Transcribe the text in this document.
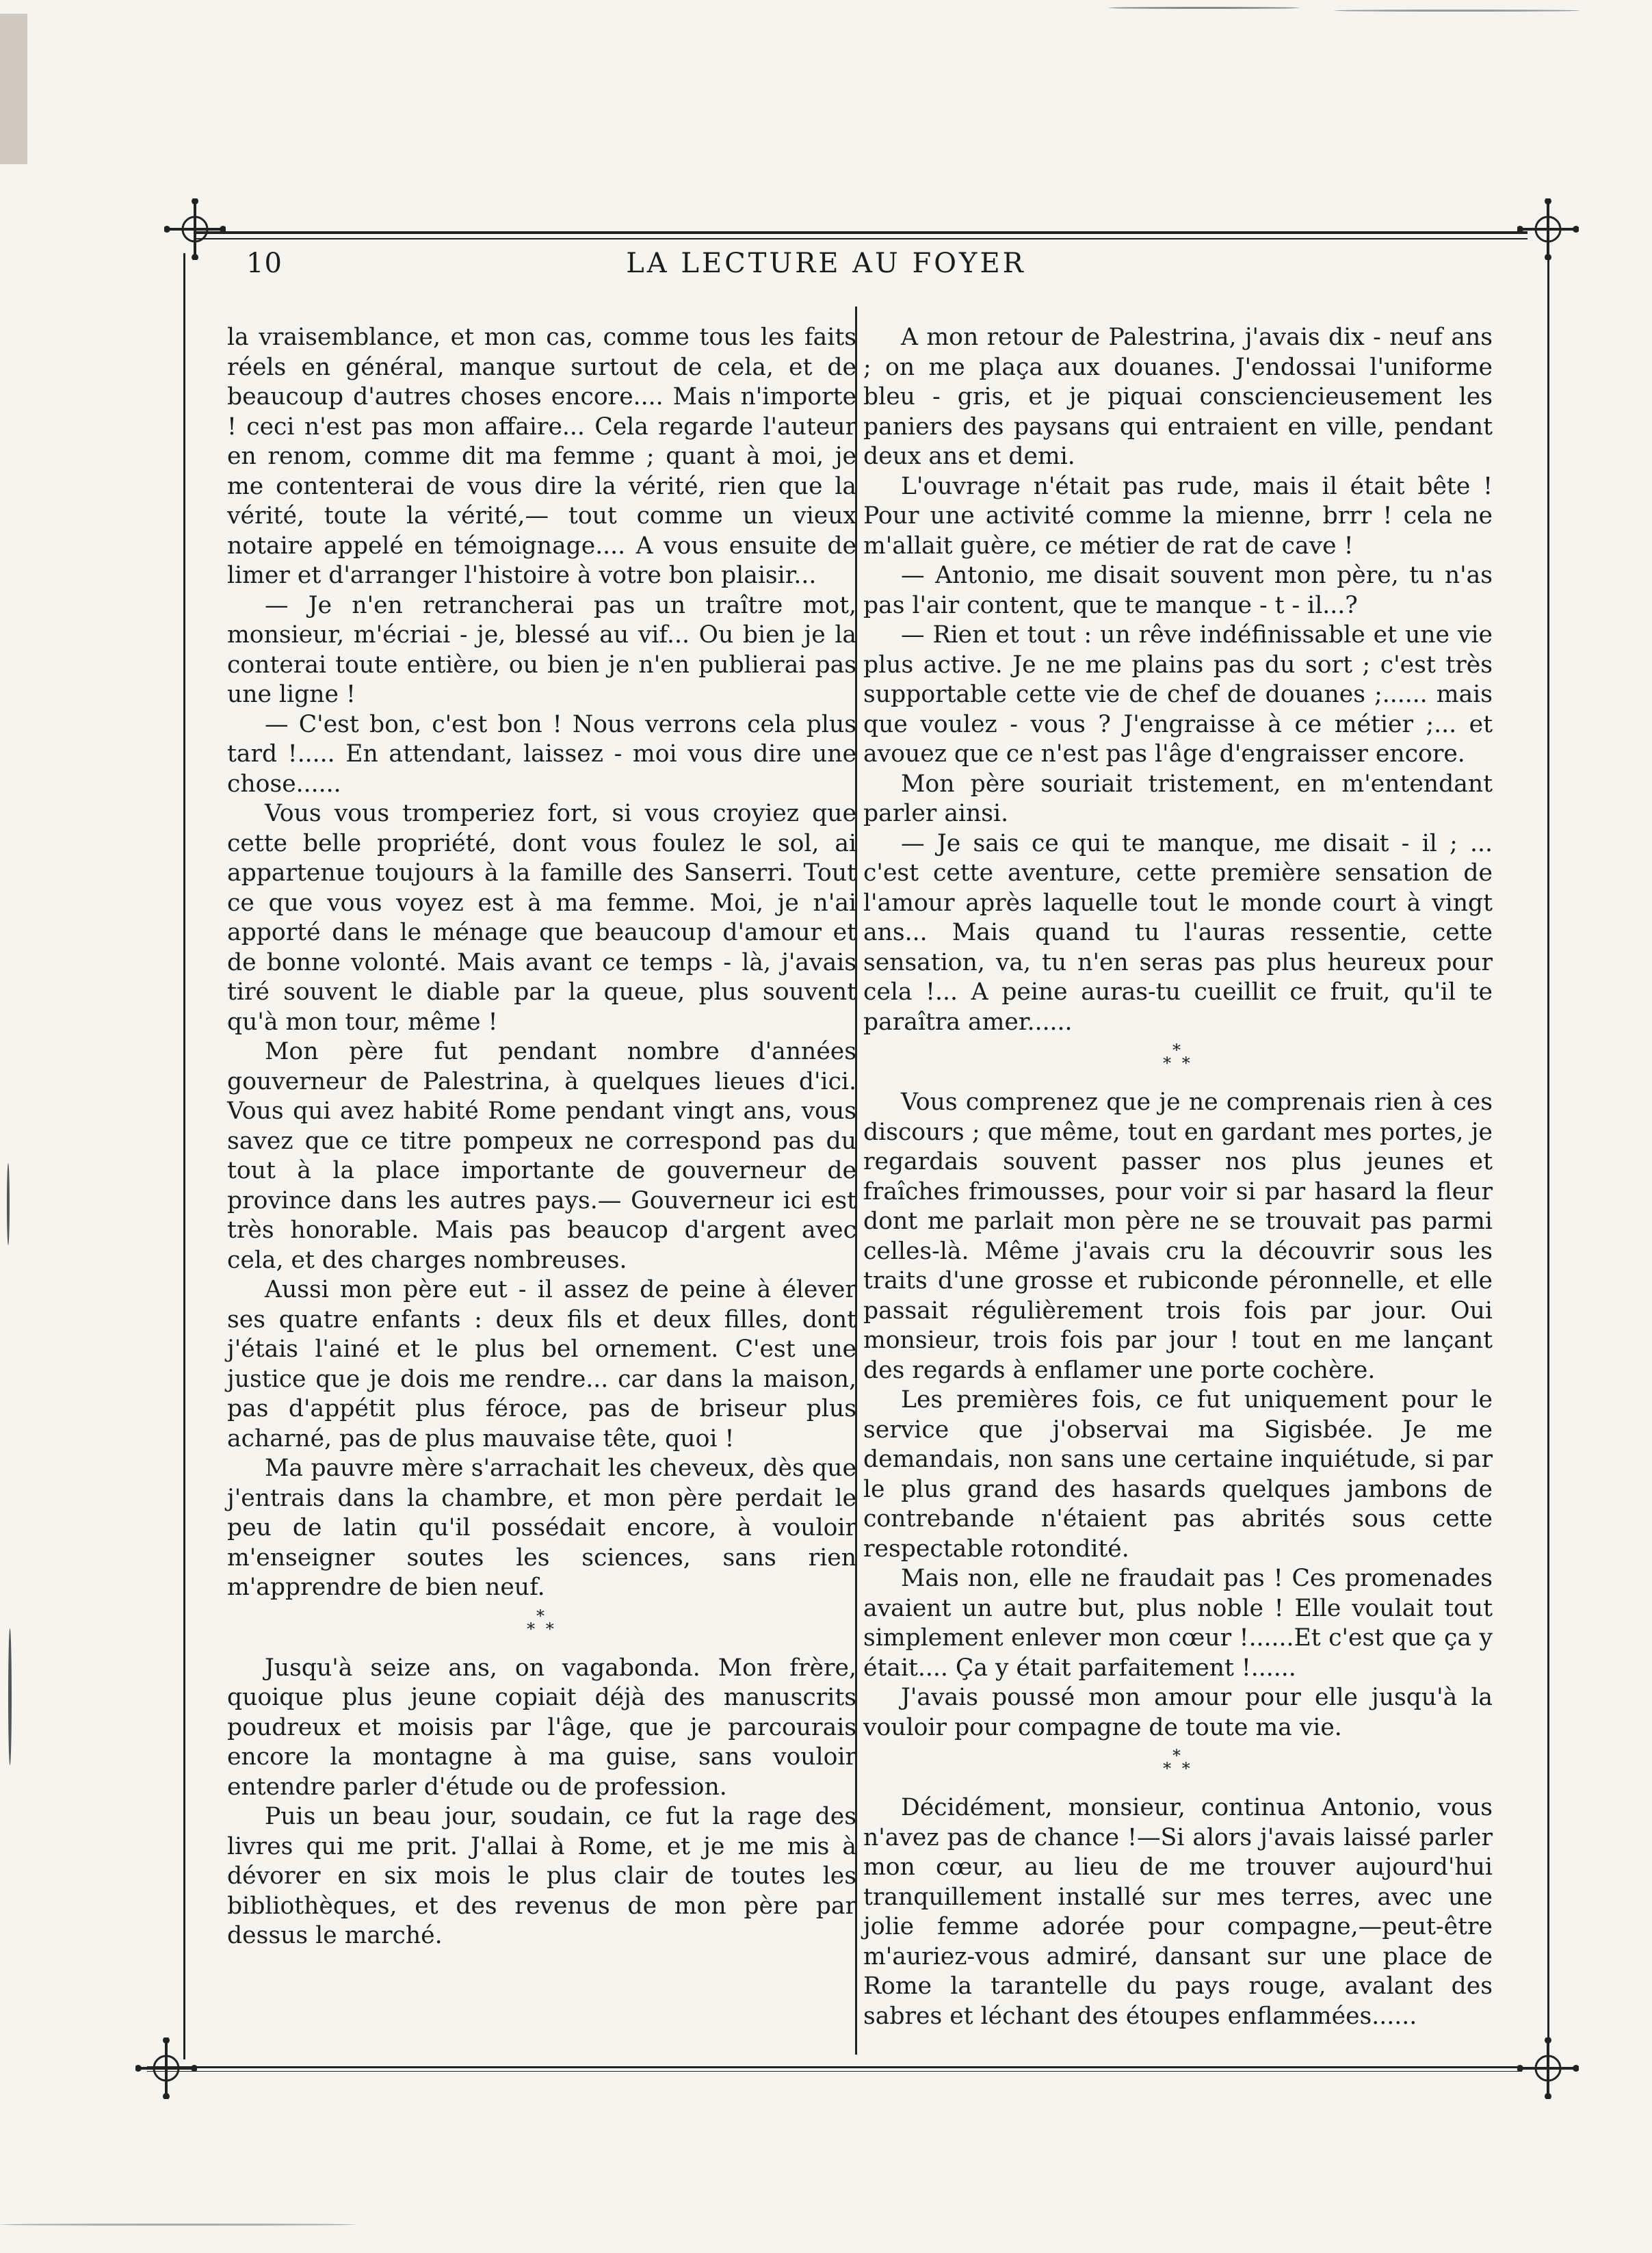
10	LA LECTURE AU FOYER

la vraisemblance, et mon cas, comme tous les faits réels en général, manque surtout de cela, et de beaucoup d'autres choses encore.... Mais n'importe ! ceci n'est pas mon affaire... Cela regarde l'auteur en renom, comme dit ma femme ; quant à moi, je me contenterai de vous dire la vérité, rien que la vérité, toute la vérité,— tout comme un vieux notaire appelé en témoignage.... A vous ensuite de limer et d'arranger l'histoire à votre bon plaisir...

— Je n'en retrancherai pas un traître mot, monsieur, m'écriai - je, blessé au vif... Ou bien je la conterai toute entière, ou bien je n'en publierai pas une ligne !

— C'est bon, c'est bon ! Nous verrons cela plus tard !..... En attendant, laissez - moi vous dire une chose......

Vous vous tromperiez fort, si vous croyiez que cette belle propriété, dont vous foulez le sol, ai appartenue toujours à la famille des Sanserri. Tout ce que vous voyez est à ma femme. Moi, je n'ai apporté dans le ménage que beaucoup d'amour et de bonne volonté. Mais avant ce temps - là, j'avais tiré souvent le diable par la queue, plus souvent qu'à mon tour, même !

Mon père fut pendant nombre d'années gouverneur de Palestrina, à quelques lieues d'ici. Vous qui avez habité Rome pendant vingt ans, vous savez que ce titre pompeux ne correspond pas du tout à la place importante de gouverneur de province dans les autres pays.— Gouverneur ici est très honorable. Mais pas beaucop d'argent avec cela, et des charges nombreuses.

Aussi mon père eut - il assez de peine à élever ses quatre enfants : deux fils et deux filles, dont j'étais l'ainé et le plus bel ornement. C'est une justice que je dois me rendre... car dans la maison, pas d'appétit plus féroce, pas de briseur plus acharné, pas de plus mauvaise tête, quoi !

Ma pauvre mère s'arrachait les cheveux, dès que j'entrais dans la chambre, et mon père perdait le peu de latin qu'il possédait encore, à vouloir m'enseigner soutes les sciences, sans rien m'apprendre de bien neuf.

*
* *

Jusqu'à seize ans, on vagabonda. Mon frère, quoique plus jeune copiait déjà des manuscrits poudreux et moisis par l'âge, que je parcourais encore la montagne à ma guise, sans vouloir entendre parler d'étude ou de profession.

Puis un beau jour, soudain, ce fut la rage des livres qui me prit. J'allai à Rome, et je me mis à dévorer en six mois le plus clair de toutes les bibliothèques, et des revenus de mon père par dessus le marché.

A mon retour de Palestrina, j'avais dix - neuf ans ; on me plaça aux douanes. J'endossai l'uniforme bleu - gris, et je piquai consciencieusement les paniers des paysans qui entraient en ville, pendant deux ans et demi.

L'ouvrage n'était pas rude, mais il était bête ! Pour une activité comme la mienne, brrr ! cela ne m'allait guère, ce métier de rat de cave !

— Antonio, me disait souvent mon père, tu n'as pas l'air content, que te manque - t - il...?

— Rien et tout : un rêve indéfinissable et une vie plus active. Je ne me plains pas du sort ; c'est très supportable cette vie de chef de douanes ;...... mais que voulez - vous ? J'engraisse à ce métier ;... et avouez que ce n'est pas l'âge d'engraisser encore.

Mon père souriait tristement, en m'entendant parler ainsi.

— Je sais ce qui te manque, me disait - il ; ... c'est cette aventure, cette première sensation de l'amour après laquelle tout le monde court à vingt ans... Mais quand tu l'auras ressentie, cette sensation, va, tu n'en seras pas plus heureux pour cela !... A peine auras-tu cueillit ce fruit, qu'il te paraîtra amer......

*
* *

Vous comprenez que je ne comprenais rien à ces discours ; que même, tout en gardant mes portes, je regardais souvent passer nos plus jeunes et fraîches frimousses, pour voir si par hasard la fleur dont me parlait mon père ne se trouvait pas parmi celles-là. Même j'avais cru la découvrir sous les traits d'une grosse et rubiconde péronnelle, et elle passait régulièrement trois fois par jour. Oui monsieur, trois fois par jour ! tout en me lançant des regards à enflamer une porte cochère.

Les premières fois, ce fut uniquement pour le service que j'observai ma Sigisbée. Je me demandais, non sans une certaine inquiétude, si par le plus grand des hasards quelques jambons de contrebande n'étaient pas abrités sous cette respectable rotondité.

Mais non, elle ne fraudait pas ! Ces promenades avaient un autre but, plus noble ! Elle voulait tout simplement enlever mon cœur !......Et c'est que ça y était.... Ça y était parfaitement !......

J'avais poussé mon amour pour elle jusqu'à la vouloir pour compagne de toute ma vie.

*
* *

Décidément, monsieur, continua Antonio, vous n'avez pas de chance !—Si alors j'avais laissé parler mon cœur, au lieu de me trouver aujourd'hui tranquillement installé sur mes terres, avec une jolie femme adorée pour compagne,—peut-être m'auriez-vous admiré, dansant sur une place de Rome la tarantelle du pays rouge, avalant des sabres et léchant des étoupes enflammées......
